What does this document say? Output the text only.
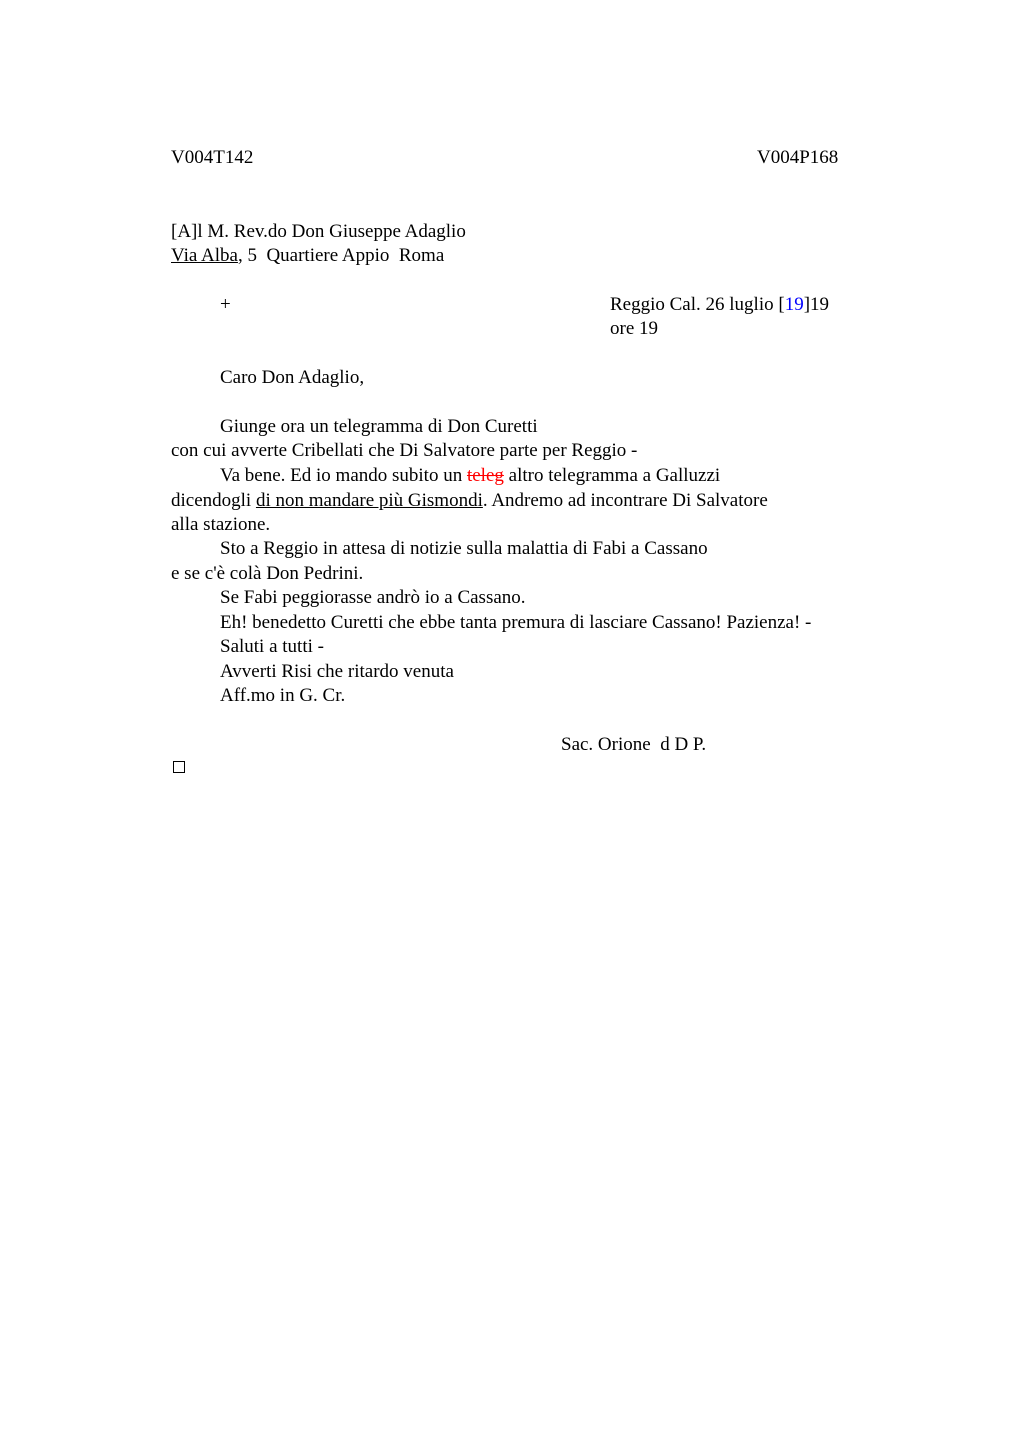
V004T142	V004P168
[A]l M. Rev.do Don Giuseppe Adaglio
Via Alba, 5  Quartiere Appio  Roma
+	Reggio Cal. 26 luglio [19]19
ore 19
Caro Don Adaglio,
Giunge ora un telegramma di Don Curetti
con cui avverte Cribellati che Di Salvatore parte per Reggio -
Va bene. Ed io mando subito un teleg altro telegramma a Galluzzi
dicendogli di non mandare più Gismondi. Andremo ad incontrare Di Salvatore
alla stazione.
Sto a Reggio in attesa di notizie sulla malattia di Fabi a Cassano
e se c'è colà Don Pedrini.
Se Fabi peggiorasse andrò io a Cassano.
Eh! benedetto Curetti che ebbe tanta premura di lasciare Cassano! Pazienza! -
Saluti a tutti -
Avverti Risi che ritardo venuta
Aff.mo in G. Cr.
Sac. Orione  d D P.
